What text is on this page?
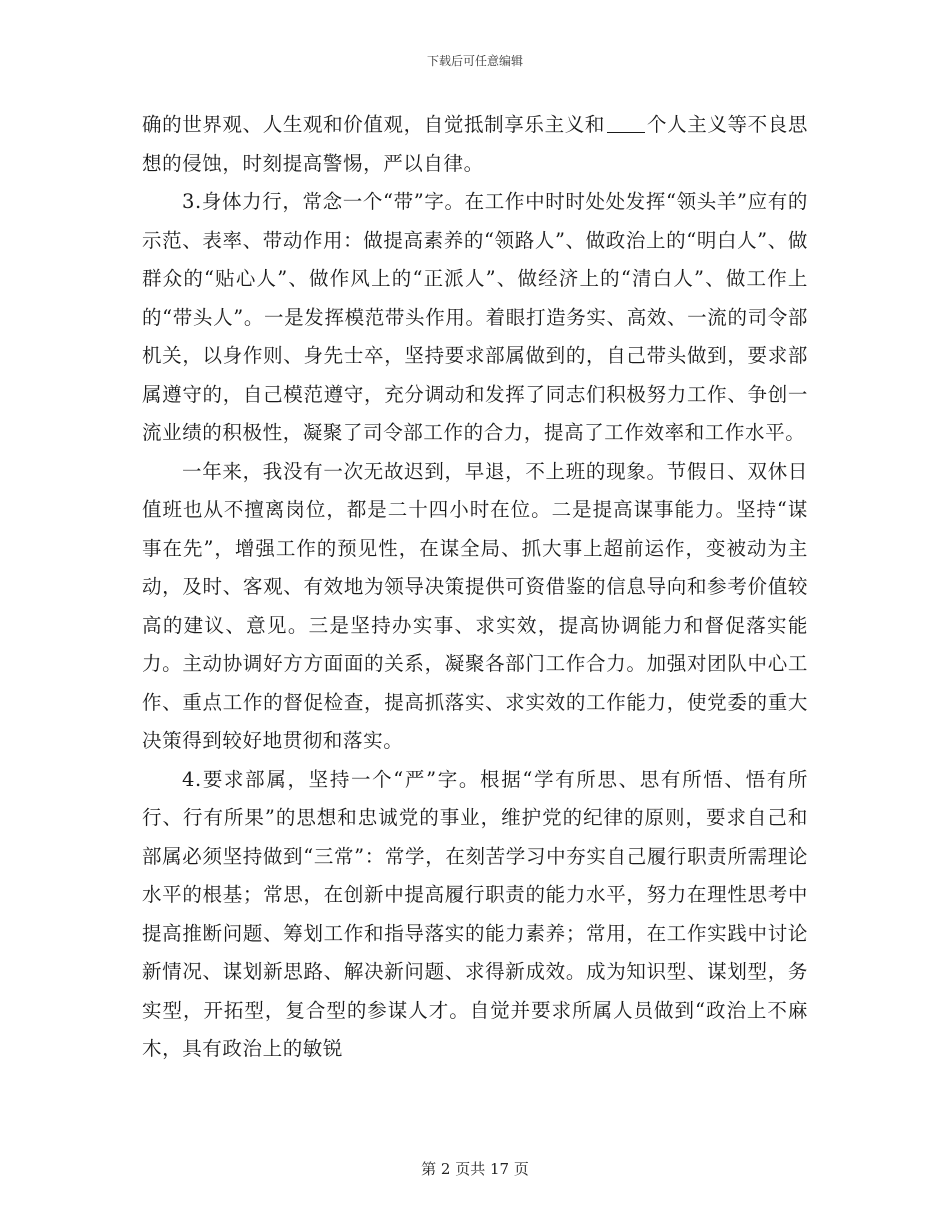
下载后可任意编辑

确的世界观、人生观和价值观，自觉抵制享乐主义和 个人主义等不良思想的侵蚀，时刻提高警惕，严以自律。

3.身体力行，常念一个“带”字。在工作中时时处处发挥“领头羊”应有的示范、表率、带动作用：做提高素养的“领路人”、做政治上的“明白人”、做群众的“贴心人”、做作风上的“正派人”、做经济上的“清白人”、做工作上的“带头人”。一是发挥模范带头作用。着眼打造务实、高效、一流的司令部机关，以身作则、身先士卒，坚持要求部属做到的，自己带头做到，要求部属遵守的，自己模范遵守，充分调动和发挥了同志们积极努力工作、争创一流业绩的积极性，凝聚了司令部工作的合力，提高了工作效率和工作水平。

一年来，我没有一次无故迟到，早退，不上班的现象。节假日、双休日值班也从不擅离岗位，都是二十四小时在位。二是提高谋事能力。坚持“谋事在先”，增强工作的预见性，在谋全局、抓大事上超前运作，变被动为主动，及时、客观、有效地为领导决策提供可资借鉴的信息导向和参考价值较高的建议、意见。三是坚持办实事、求实效，提高协调能力和督促落实能力。主动协调好方方面面的关系，凝聚各部门工作合力。加强对团队中心工作、重点工作的督促检查，提高抓落实、求实效的工作能力，使党委的重大决策得到较好地贯彻和落实。

4.要求部属，坚持一个“严”字。根据“学有所思、思有所悟、悟有所行、行有所果”的思想和忠诚党的事业，维护党的纪律的原则，要求自己和部属必须坚持做到“三常”：常学，在刻苦学习中夯实自己履行职责所需理论水平的根基；常思，在创新中提高履行职责的能力水平，努力在理性思考中提高推断问题、筹划工作和指导落实的能力素养；常用，在工作实践中讨论新情况、谋划新思路、解决新问题、求得新成效。成为知识型、谋划型，务实型，开拓型，复合型的参谋人才。自觉并要求所属人员做到“政治上不麻木，具有政治上的敏锐

第 2 页共 17 页
